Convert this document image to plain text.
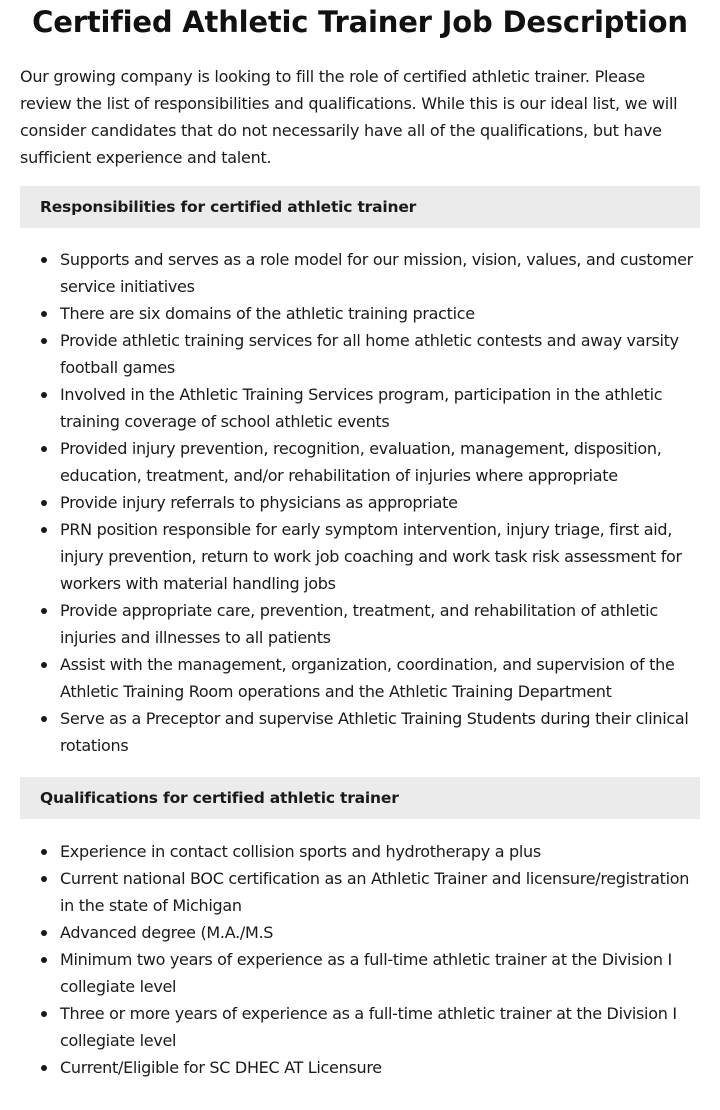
Certified Athletic Trainer Job Description

Our growing company is looking to fill the role of certified athletic trainer. Please review the list of responsibilities and qualifications. While this is our ideal list, we will consider candidates that do not necessarily have all of the qualifications, but have sufficient experience and talent.

Responsibilities for certified athletic trainer
Supports and serves as a role model for our mission, vision, values, and customer service initiatives
There are six domains of the athletic training practice
Provide athletic training services for all home athletic contests and away varsity football games
Involved in the Athletic Training Services program, participation in the athletic training coverage of school athletic events
Provided injury prevention, recognition, evaluation, management, disposition, education, treatment, and/or rehabilitation of injuries where appropriate
Provide injury referrals to physicians as appropriate
PRN position responsible for early symptom intervention, injury triage, first aid, injury prevention, return to work job coaching and work task risk assessment for workers with material handling jobs
Provide appropriate care, prevention, treatment, and rehabilitation of athletic injuries and illnesses to all patients
Assist with the management, organization, coordination, and supervision of the Athletic Training Room operations and the Athletic Training Department
Serve as a Preceptor and supervise Athletic Training Students during their clinical rotations
Qualifications for certified athletic trainer
Experience in contact collision sports and hydrotherapy a plus
Current national BOC certification as an Athletic Trainer and licensure/registration in the state of Michigan
Advanced degree (M.A./M.S
Minimum two years of experience as a full-time athletic trainer at the Division I collegiate level
Three or more years of experience as a full-time athletic trainer at the Division I collegiate level
Current/Eligible for SC DHEC AT Licensure
